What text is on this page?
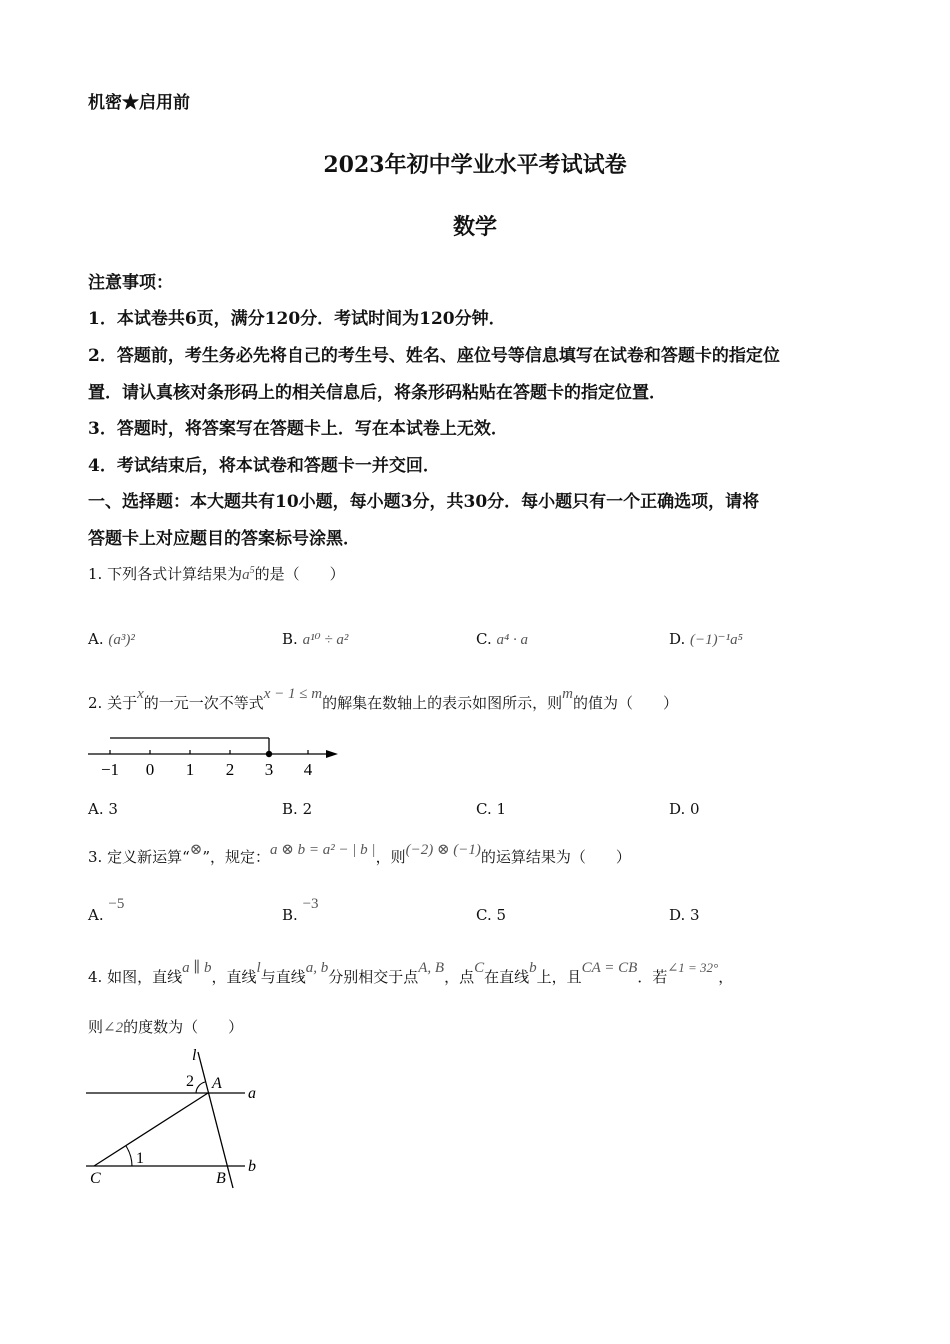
机密★启用前
2023年初中学业水平考试试卷
数学
注意事项：
1．本试卷共6页，满分120分．考试时间为120分钟．
2．答题前，考生务必先将自己的考生号、姓名、座位号等信息填写在试卷和答题卡的指定位
置．请认真核对条形码上的相关信息后，将条形码粘贴在答题卡的指定位置．
3．答题时，将答案写在答题卡上．写在本试卷上无效．
4．考试结束后，将本试卷和答题卡一并交回．
一、选择题：本大题共有10小题，每小题3分，共30分．每小题只有一个正确选项，请将
答题卡上对应题目的答案标号涂黑．
1. 下列各式计算结果为$a^5$的是（　　）
A. (a³)²	B. a¹⁰ ÷ a²	C. a⁴ · a	D. (−1)⁻¹a⁵
2. 关于x的一元一次不等式x − 1 ≤ m的解集在数轴上的表示如图所示，则m的值为（　　）
−1 0 1 2 3 4
A. 3	B. 2	C. 1	D. 0
3. 定义新运算“⊗”，规定：a ⊗ b = a² − | b |，则(−2) ⊗ (−1)的运算结果为（　　）
A. −5
B. −3
C. 5	D. 3
4. 如图，直线a ∥ b，直线l与直线a, b分别相交于点A, B，点C在直线b上，且CA = CB．若∠1 = 32°，
则∠2的度数为（　　）
l
2 A
a
1
C	B
b
